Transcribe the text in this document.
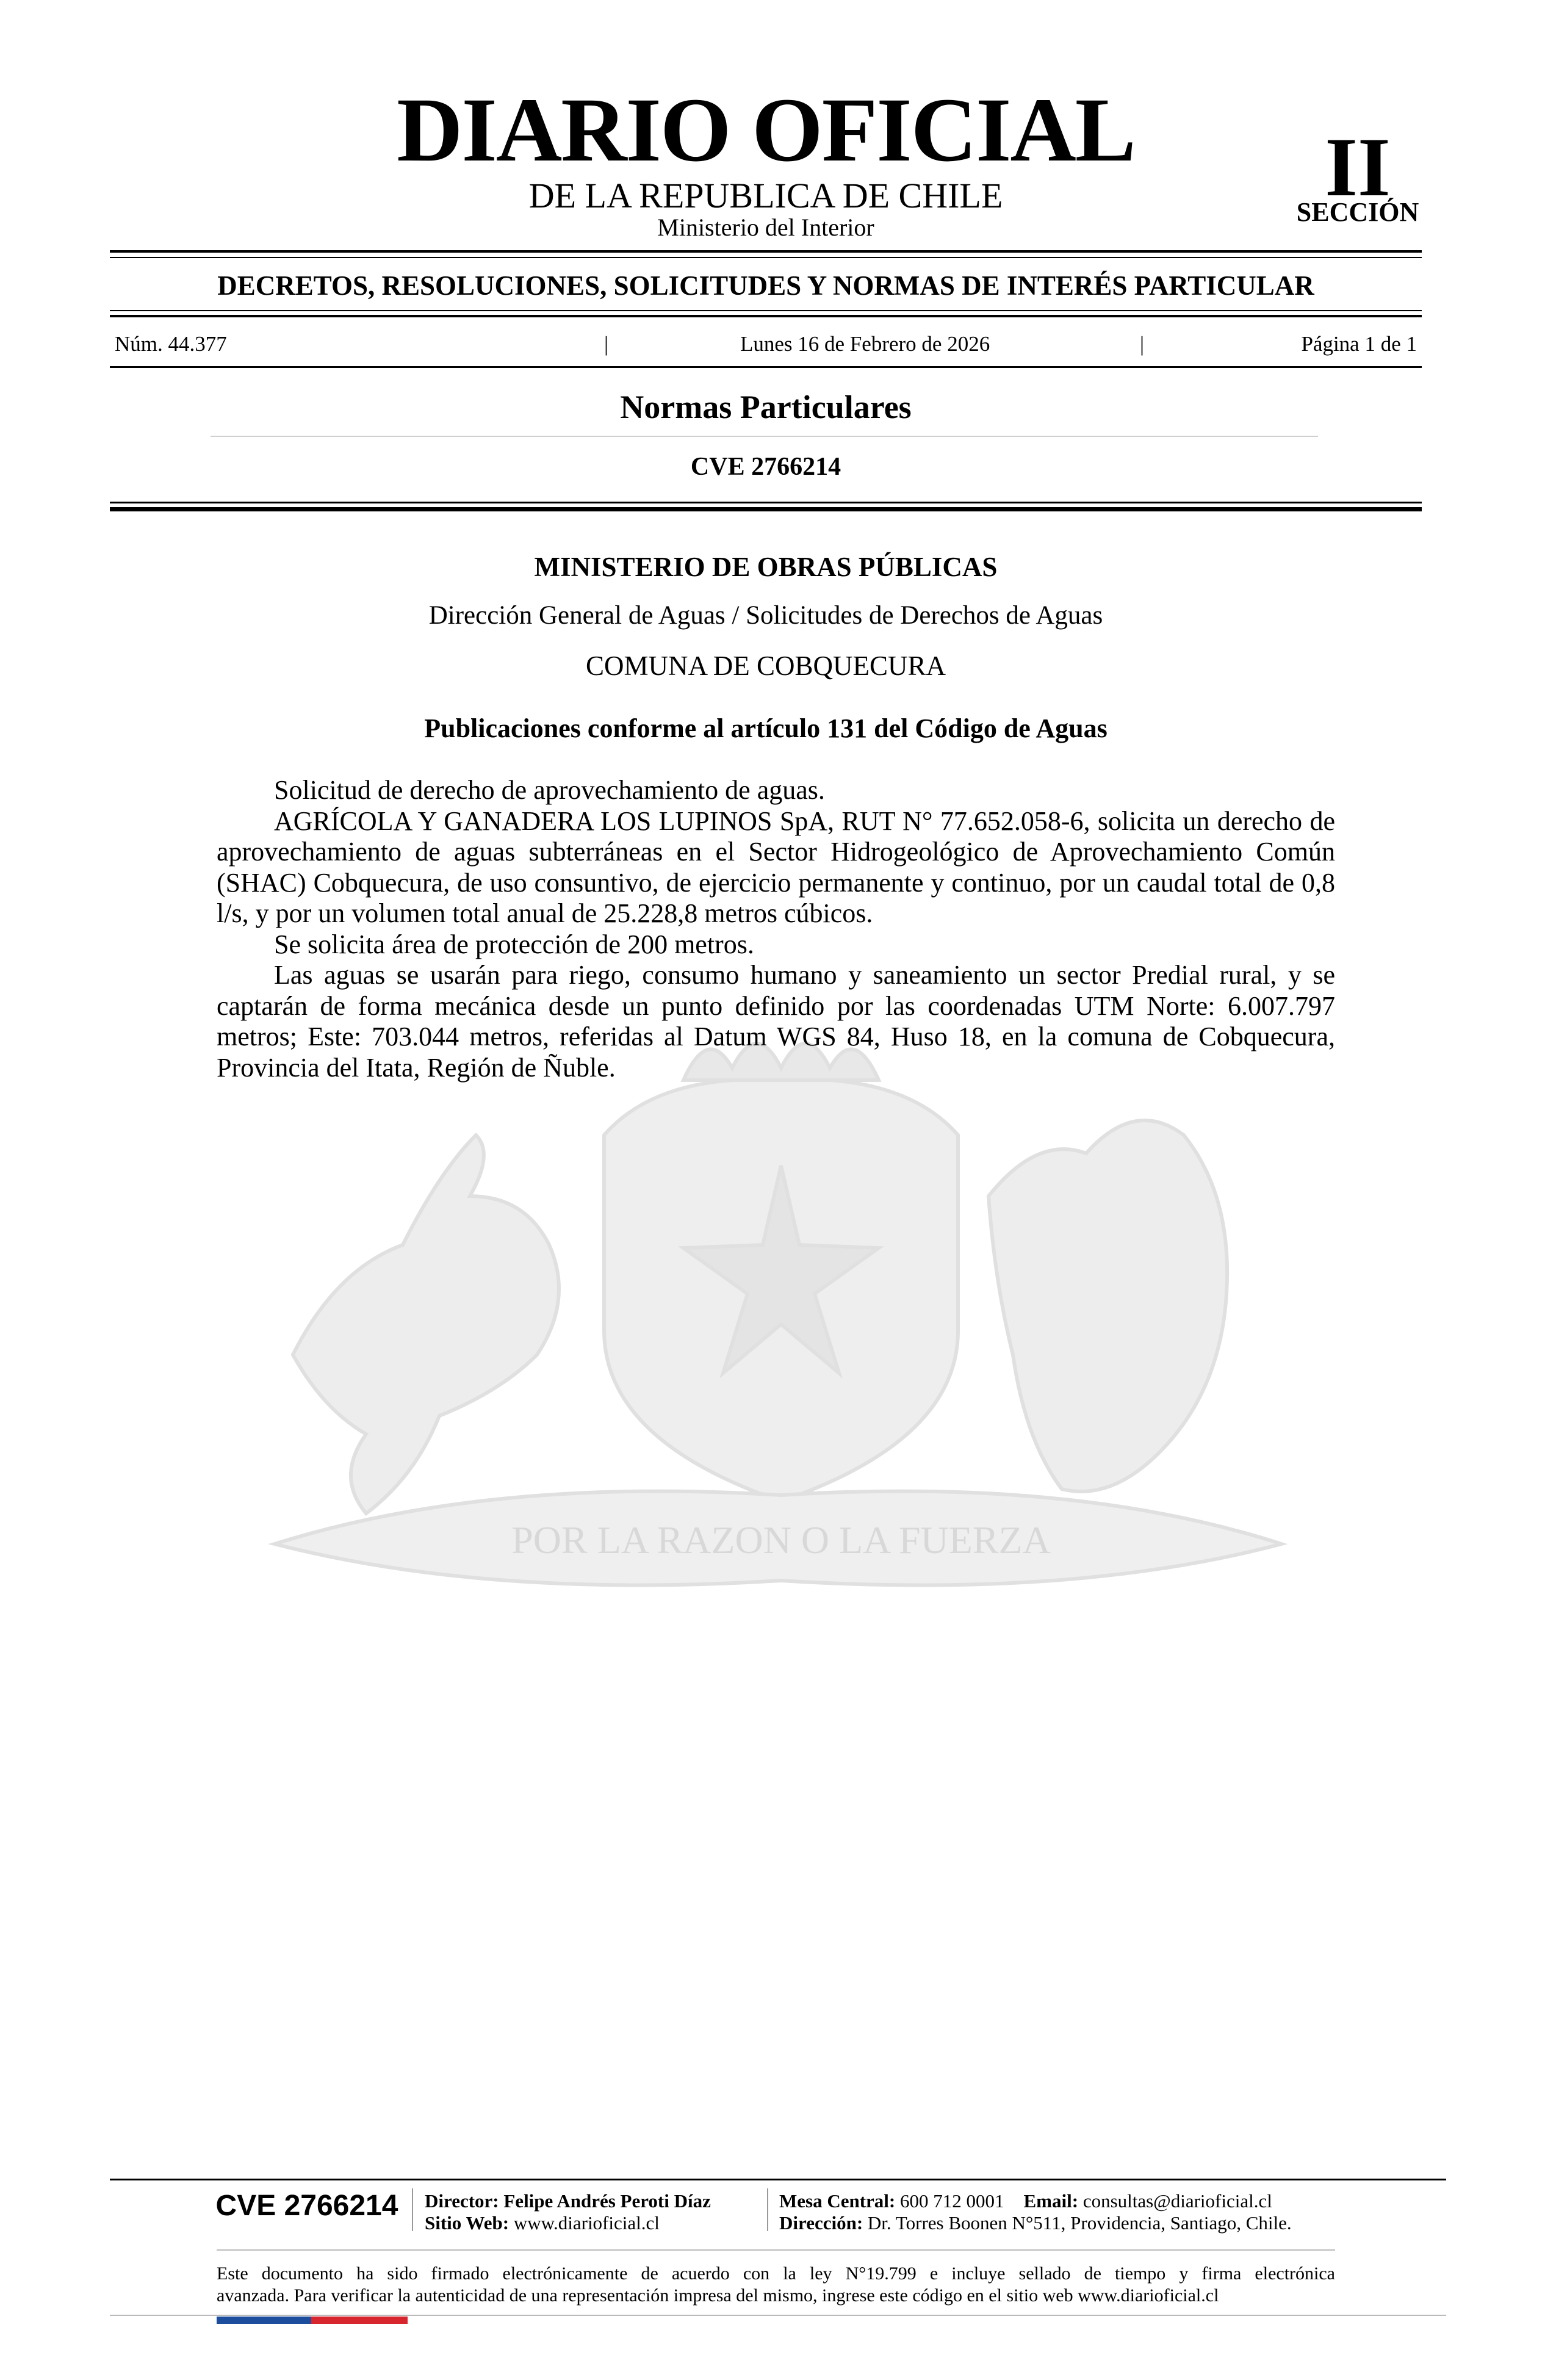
POR LA RAZON O LA FUERZA
DIARIO OFICIAL
DE LA REPUBLICA DE CHILE
Ministerio del Interior
II
SECCIÓN
DECRETOS, RESOLUCIONES, SOLICITUDES Y NORMAS DE INTERÉS PARTICULAR
Núm. 44.377	|	Lunes 16 de Febrero de 2026	|	Página 1 de 1
Normas Particulares
CVE 2766214
MINISTERIO DE OBRAS PÚBLICAS
Dirección General de Aguas / Solicitudes de Derechos de Aguas
COMUNA DE COBQUECURA
Publicaciones conforme al artículo 131 del Código de Aguas

Solicitud de derecho de aprovechamiento de aguas.

AGRÍCOLA Y GANADERA LOS LUPINOS SpA, RUT N° 77.652.058-6, solicita un derecho de aprovechamiento de aguas subterráneas en el Sector Hidrogeológico de Aprovechamiento Común (SHAC) Cobquecura, de uso consuntivo, de ejercicio permanente y continuo, por un caudal total de 0,8 l/s, y por un volumen total anual de 25.228,8 metros cúbicos.

Se solicita área de protección de 200 metros.

Las aguas se usarán para riego, consumo humano y saneamiento un sector Predial rural, y se captarán de forma mecánica desde un punto definido por las coordenadas UTM Norte: 6.007.797 metros; Este: 703.044 metros, referidas al Datum WGS 84, Huso 18, en la comuna de Cobquecura, Provincia del Itata, Región de Ñuble.

CVE 2766214	Director: Felipe Andrés Peroti Díaz
Sitio Web: www.diarioficial.cl
Mesa Central: 600 712 0001 Email: consultas@diarioficial.cl
Dirección: Dr. Torres Boonen N°511, Providencia, Santiago, Chile.
Este documento ha sido firmado electrónicamente de acuerdo con la ley N°19.799 e incluye sellado de tiempo y firma electrónica
avanzada. Para verificar la autenticidad de una representación impresa del mismo, ingrese este código en el sitio web www.diarioficial.cl
